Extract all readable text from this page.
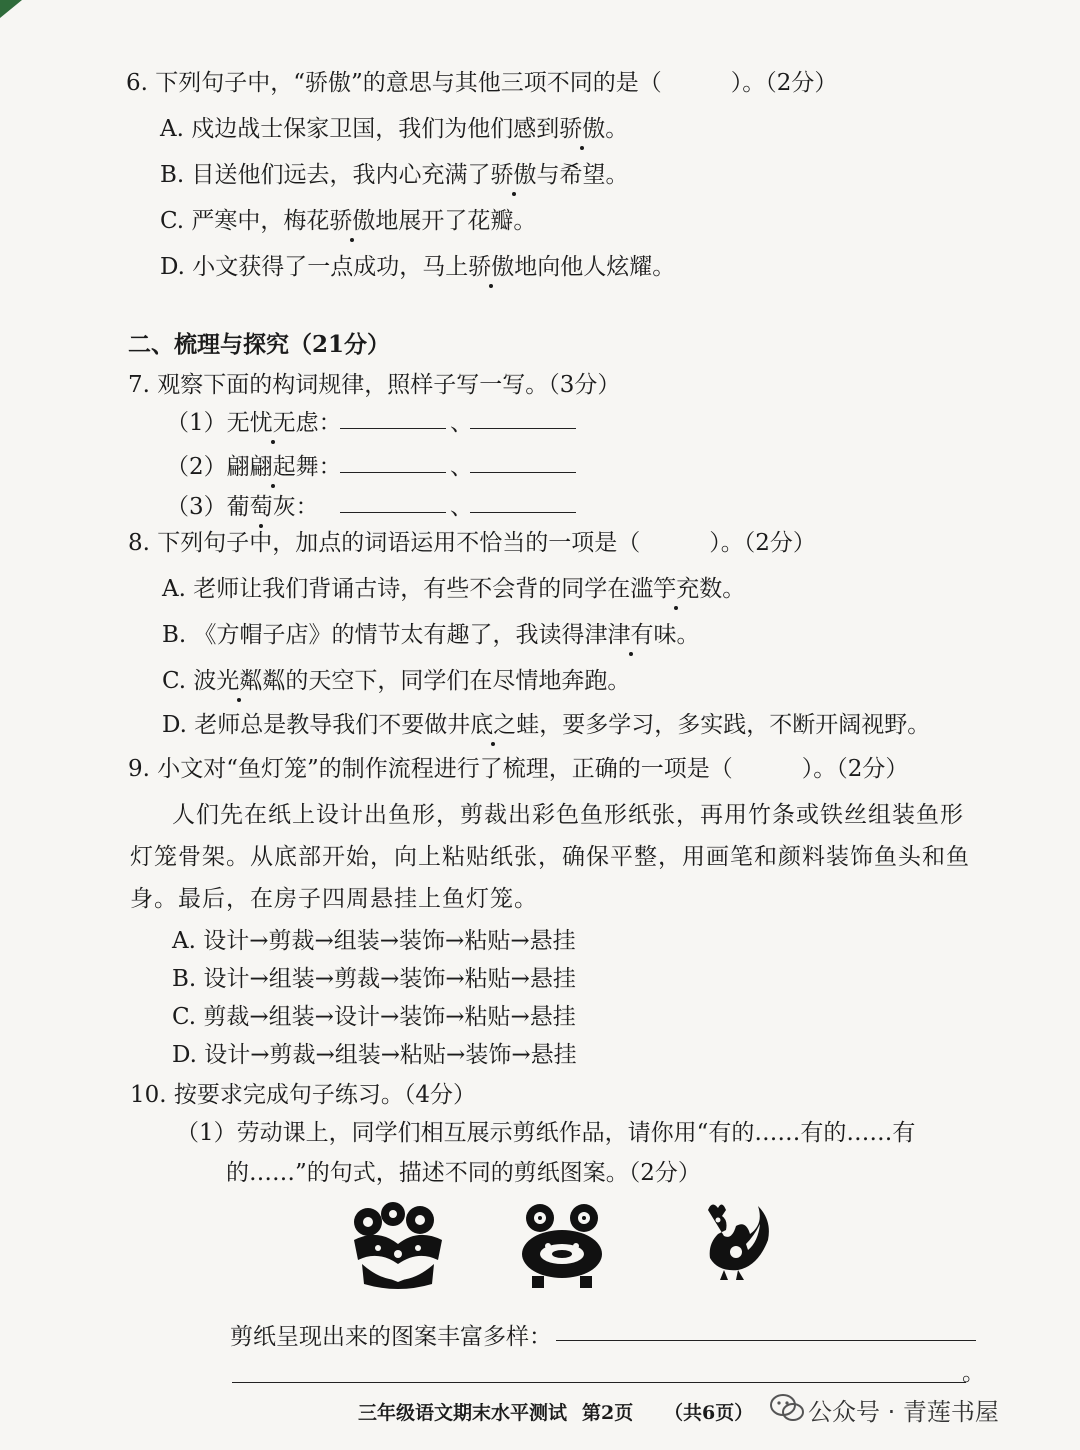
6. 下列句子中，“骄傲”的意思与其他三项不同的是（　　　）。（2分）
A. 戍边战士保家卫国，我们为他们感到骄傲。
B. 目送他们远去，我内心充满了骄傲与希望。
C. 严寒中，梅花骄傲地展开了花瓣。
D. 小文获得了一点成功，马上骄傲地向他人炫耀。
二、梳理与探究（21分）
7. 观察下面的构词规律，照样子写一写。（3分）
（1）无忧无虑：	、
（2）翩翩起舞：	、
（3）葡萄灰：	、
8. 下列句子中，加点的词语运用不恰当的一项是（　　　）。（2分）
A. 老师让我们背诵古诗，有些不会背的同学在滥竽充数。
B. 《方帽子店》的情节太有趣了，我读得津津有味。
C. 波光粼粼的天空下，同学们在尽情地奔跑。
D. 老师总是教导我们不要做井底之蛙，要多学习，多实践，不断开阔视野。
9. 小文对“鱼灯笼”的制作流程进行了梳理，正确的一项是（　　　）。（2分）
人们先在纸上设计出鱼形，剪裁出彩色鱼形纸张，再用竹条或铁丝组装鱼形
灯笼骨架。从底部开始，向上粘贴纸张，确保平整，用画笔和颜料装饰鱼头和鱼
身。最后，在房子四周悬挂上鱼灯笼。
A. 设计→剪裁→组装→装饰→粘贴→悬挂
B. 设计→组装→剪裁→装饰→粘贴→悬挂
C. 剪裁→组装→设计→装饰→粘贴→悬挂
D. 设计→剪裁→组装→粘贴→装饰→悬挂
10. 按要求完成句子练习。（4分）
（1）劳动课上，同学们相互展示剪纸作品，请你用“有的……有的……有
的……”的句式，描述不同的剪纸图案。（2分）
剪纸呈现出来的图案丰富多样：
。
三年级语文期末水平测试 第2页 （共6页） 公众号 · 青莲书屋
